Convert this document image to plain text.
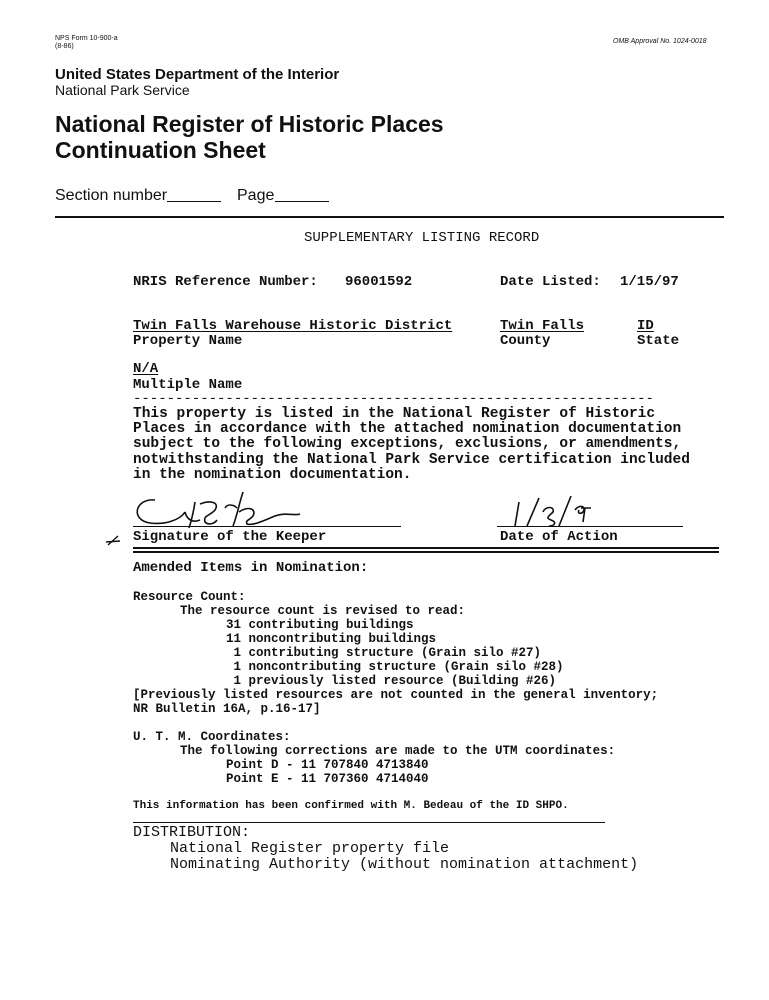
NPS Form 10-900-a
(8-86)
OMB Approval No. 1024-0018
United States Department of the Interior
National Park Service
National Register of Historic Places
Continuation Sheet
Section number	Page
SUPPLEMENTARY LISTING RECORD
NRIS Reference Number: 96001592	Date Listed: 1/15/97
Twin Falls Warehouse Historic District	Twin Falls	ID
Property Name	County	State
N/A
Multiple Name
--------------------------------------------------------------
This property is listed in the National Register of Historic
Places in accordance with the attached nomination documentation
subject to the following exceptions, exclusions, or amendments,
notwithstanding the National Park Service certification included
in the nomination documentation.
1/15/97
Signature of the Keeper	Date of Action
Amended Items in Nomination:
Resource Count:
The resource count is revised to read:
31 contributing buildings
11 noncontributing buildings
1 contributing structure (Grain silo #27)
1 noncontributing structure (Grain silo #28)
1 previously listed resource (Building #26)
[Previously listed resources are not counted in the general inventory;
NR Bulletin 16A, p.16-17]
U. T. M. Coordinates:
The following corrections are made to the UTM coordinates:
Point D - 11 707840 4713840
Point E - 11 707360 4714040
This information has been confirmed with M. Bedeau of the ID SHPO.
DISTRIBUTION:
National Register property file
Nominating Authority (without nomination attachment)
